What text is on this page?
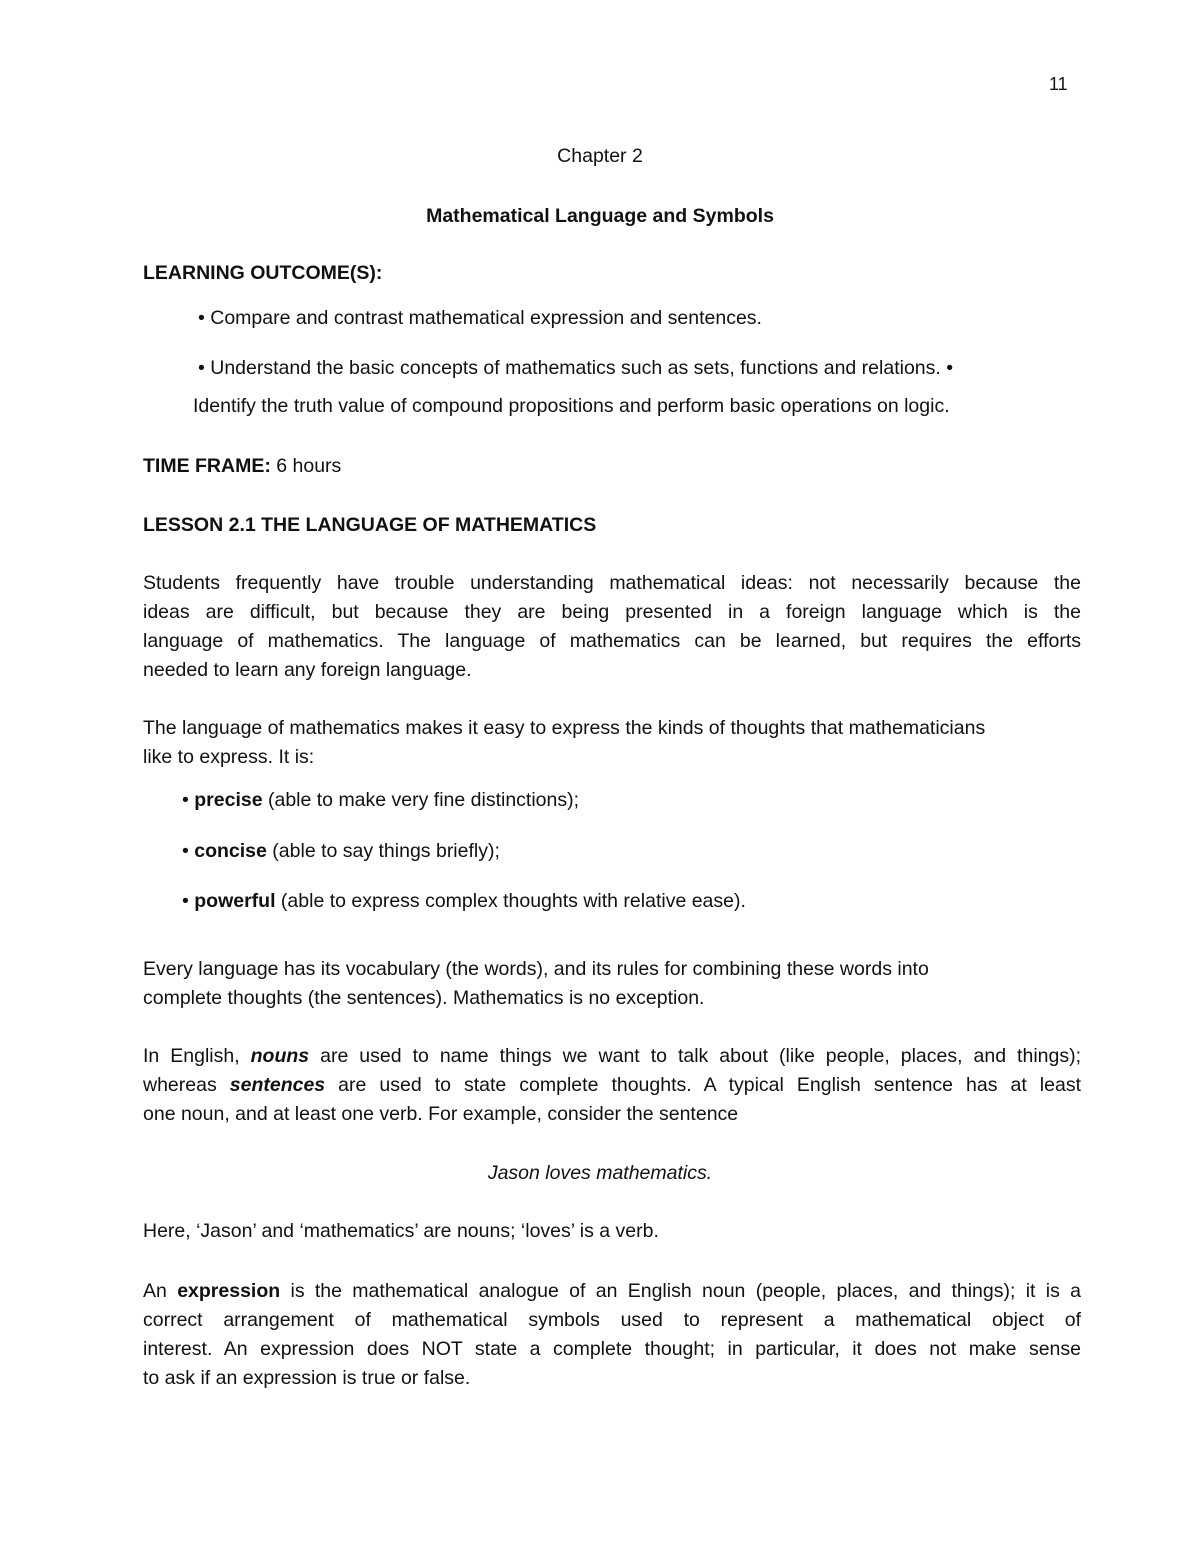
11
Chapter 2
Mathematical Language and Symbols
LEARNING OUTCOME(S):
• Compare and contrast mathematical expression and sentences.
• Understand the basic concepts of mathematics such as sets, functions and relations. •
Identify the truth value of compound propositions and perform basic operations on logic.
TIME FRAME: 6 hours
LESSON 2.1 THE LANGUAGE OF MATHEMATICS
Students frequently have trouble understanding mathematical ideas: not necessarily because the
ideas are difficult, but because they are being presented in a foreign language which is the
language of mathematics. The language of mathematics can be learned, but requires the efforts
needed to learn any foreign language.
The language of mathematics makes it easy to express the kinds of thoughts that mathematicians
like to express. It is:
• precise (able to make very fine distinctions);
• concise (able to say things briefly);
• powerful (able to express complex thoughts with relative ease).
Every language has its vocabulary (the words), and its rules for combining these words into
complete thoughts (the sentences). Mathematics is no exception.
In English, nouns are used to name things we want to talk about (like people, places, and things);
whereas sentences are used to state complete thoughts. A typical English sentence has at least
one noun, and at least one verb. For example, consider the sentence
Jason loves mathematics.
Here, ‘Jason’ and ‘mathematics’ are nouns; ‘loves’ is a verb.
An expression is the mathematical analogue of an English noun (people, places, and things); it is a
correct arrangement of mathematical symbols used to represent a mathematical object of
interest. An expression does NOT state a complete thought; in particular, it does not make sense
to ask if an expression is true or false.
